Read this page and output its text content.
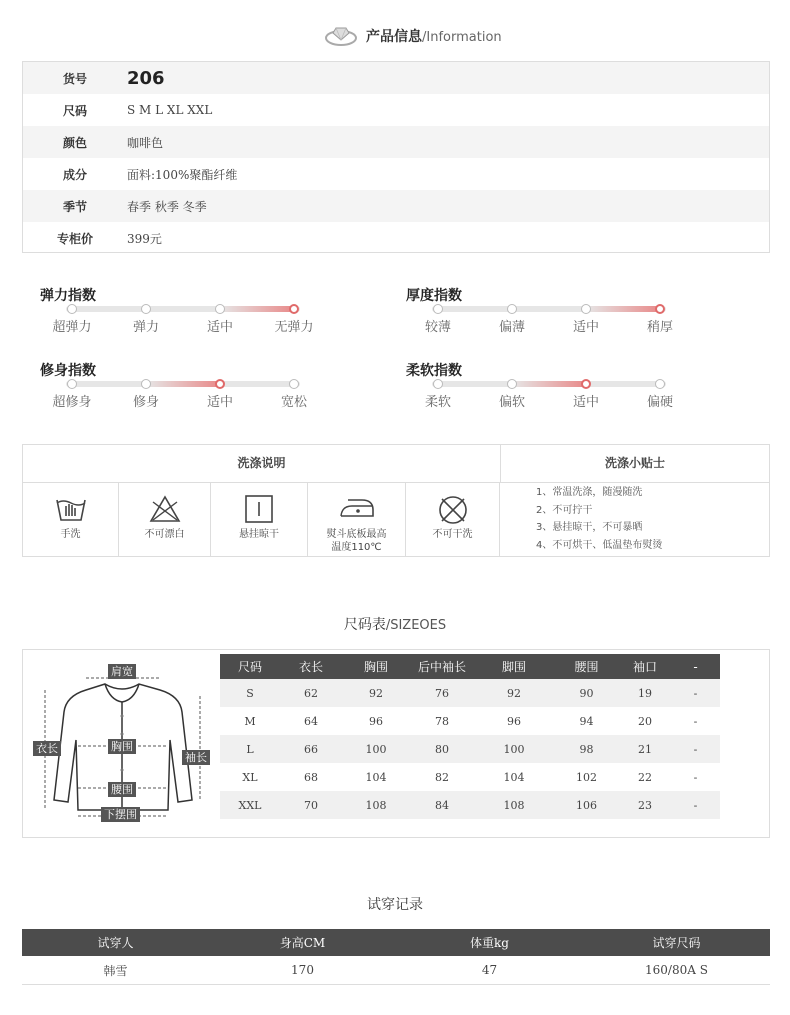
产品信息/Information
货号	206
尺码	S M L XL XXL
颜色	咖啡色
成分	面料:100%聚酯纤维
季节	春季 秋季 冬季
专柜价	399元
弹力指数
超弹力	弹力	适中	无弹力
厚度指数
较薄	偏薄	适中	稍厚
修身指数
超修身	修身	适中	宽松
柔软指数
柔软	偏软	适中	偏硬
洗涤说明	洗涤小贴士
手洗	不可漂白	悬挂晾干	熨斗底板最高
温度110℃
不可干洗
1、常温洗涤，随漫随洗
2、不可拧干
3、悬挂晾干，不可暴晒
4、不可烘干、低温垫布熨烫
尺码表/SIZEOES
肩宽
衣长	胸围
袖长
腰围
下摆围
尺码	衣长	胸围	后中袖长	脚围	腰围	袖口	-
S	62	92	76	92	90	19	-
M	64	96	78	96	94	20	-
L	66	100	80	100	98	21	-
XL	68	104	82	104	102	22	-
XXL	70	108	84	108	106	23	-
试穿记录
试穿人	身高CM	体重kg	试穿尺码
韩雪	170	47	160/80A S
